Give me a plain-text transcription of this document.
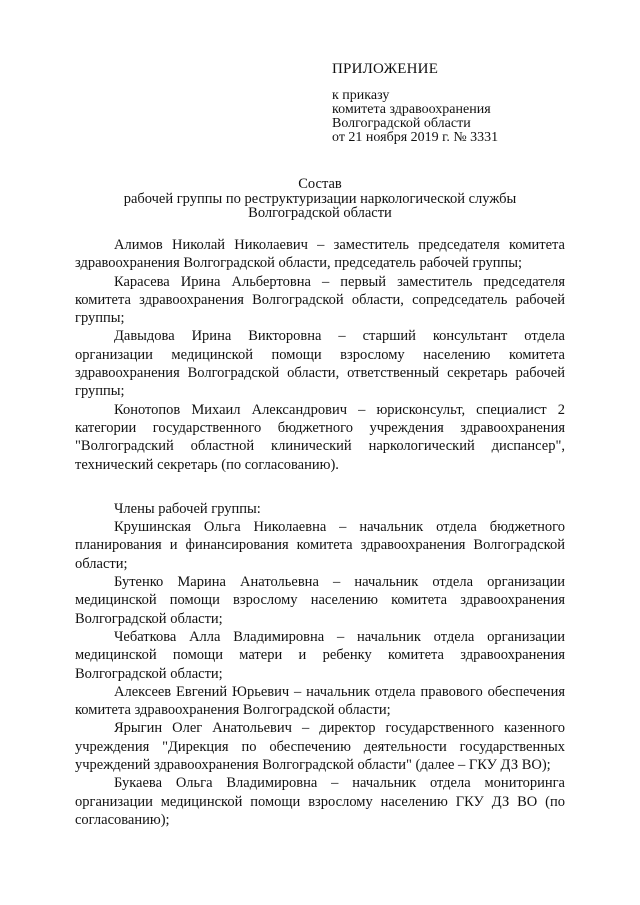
ПРИЛОЖЕНИЕ
к приказу
комитета здравоохранения
Волгоградской области
от 21 ноября 2019 г. № 3331
Состав
рабочей группы по реструктуризации наркологической службы
Волгоградской области
Алимов Николай Николаевич – заместитель председателя комитета здравоохранения Волгоградской области, председатель рабочей группы;
Карасева Ирина Альбертовна – первый заместитель председателя комитета здравоохранения Волгоградской области, сопредседатель рабочей группы;
Давыдова Ирина Викторовна – старший консультант отдела организации медицинской помощи взрослому населению комитета здравоохранения Волгоградской области, ответственный секретарь рабочей группы;
Конотопов Михаил Александрович – юрисконсульт, специалист 2 категории государственного бюджетного учреждения здравоохранения "Волгоградский областной клинический наркологический диспансер", технический секретарь (по согласованию).
Члены рабочей группы:
Крушинская Ольга Николаевна – начальник отдела бюджетного планирования и финансирования комитета здравоохранения Волгоградской области;
Бутенко Марина Анатольевна – начальник отдела организации медицинской помощи взрослому населению комитета здравоохранения Волгоградской области;
Чебаткова Алла Владимировна – начальник отдела организации медицинской помощи матери и ребенку комитета здравоохранения Волгоградской области;
Алексеев Евгений Юрьевич – начальник отдела правового обеспечения комитета здравоохранения Волгоградской области;
Ярыгин Олег Анатольевич – директор государственного казенного учреждения "Дирекция по обеспечению деятельности государственных учреждений здравоохранения Волгоградской области" (далее – ГКУ ДЗ ВО);
Букаева Ольга Владимировна – начальник отдела мониторинга организации медицинской помощи взрослому населению ГКУ ДЗ ВО (по согласованию);
